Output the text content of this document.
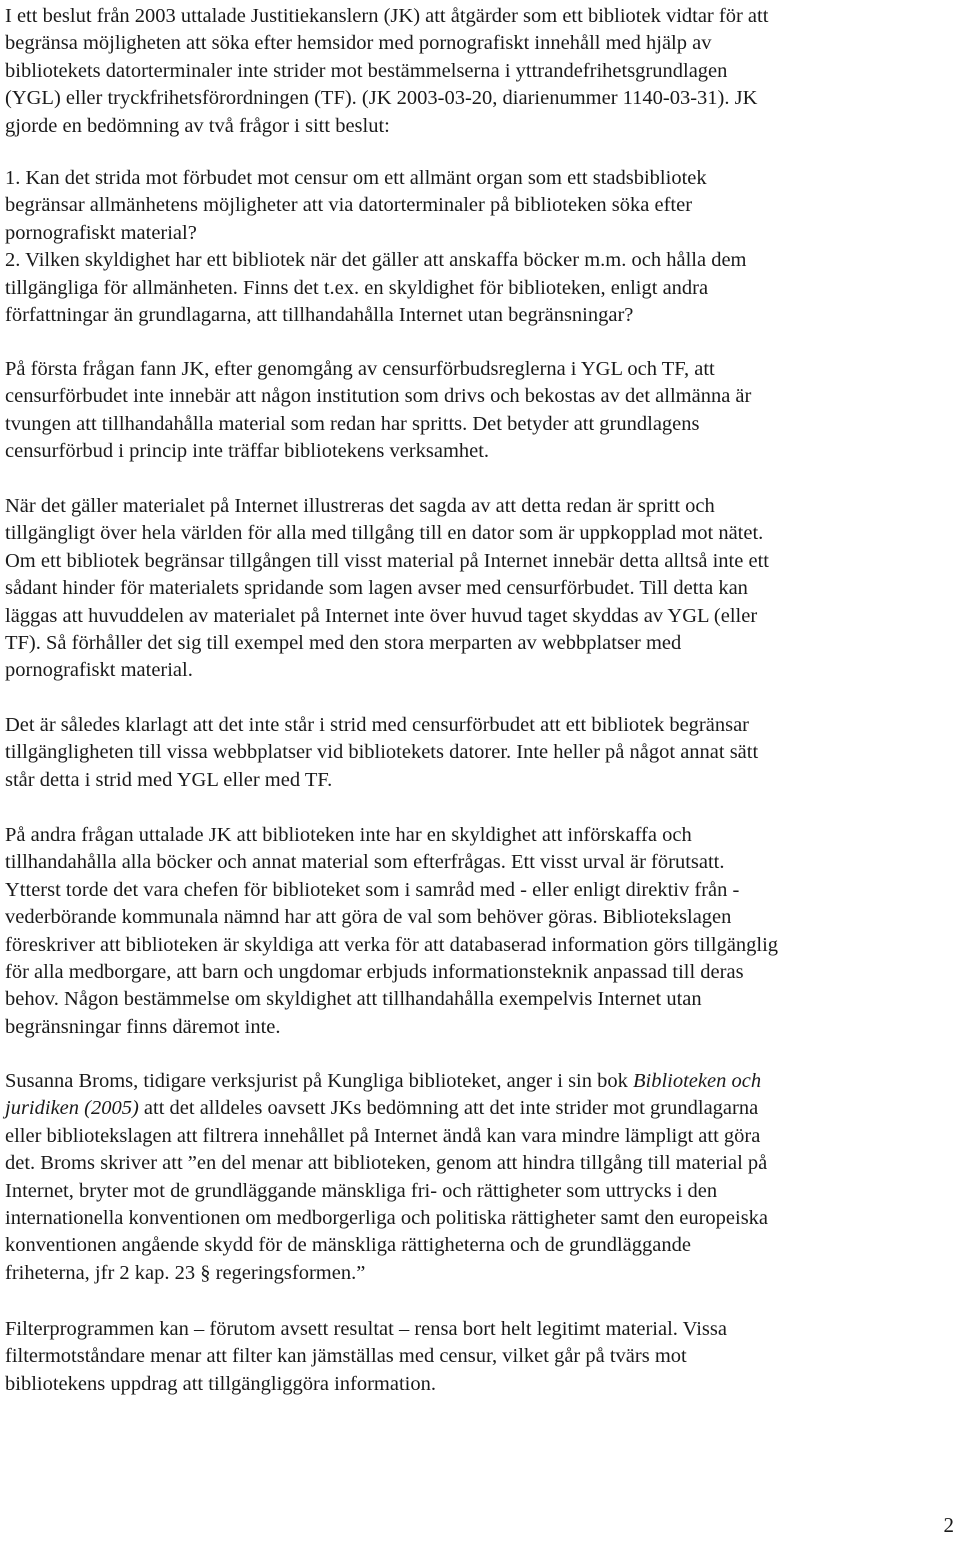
I ett beslut från 2003 uttalade Justitiekanslern (JK) att åtgärder som ett bibliotek vidtar för att
begränsa möjligheten att söka efter hemsidor med pornografiskt innehåll med hjälp av
bibliotekets datorterminaler inte strider mot bestämmelserna i yttrandefrihetsgrundlagen
(YGL) eller tryckfrihetsförordningen (TF). (JK 2003-03-20, diarienummer 1140-03-31). JK
gjorde en bedömning av två frågor i sitt beslut:

1. Kan det strida mot förbudet mot censur om ett allmänt organ som ett stadsbibliotek
begränsar allmänhetens möjligheter att via datorterminaler på biblioteken söka efter
pornografiskt material?
2. Vilken skyldighet har ett bibliotek när det gäller att anskaffa böcker m.m. och hålla dem
tillgängliga för allmänheten. Finns det t.ex. en skyldighet för biblioteken, enligt andra
författningar än grundlagarna, att tillhandahålla Internet utan begränsningar?

På första frågan fann JK, efter genomgång av censurförbudsreglerna i YGL och TF, att
censurförbudet inte innebär att någon institution som drivs och bekostas av det allmänna är
tvungen att tillhandahålla material som redan har spritts. Det betyder att grundlagens
censurförbud i princip inte träffar bibliotekens verksamhet.

När det gäller materialet på Internet illustreras det sagda av att detta redan är spritt och
tillgängligt över hela världen för alla med tillgång till en dator som är uppkopplad mot nätet.
Om ett bibliotek begränsar tillgången till visst material på Internet innebär detta alltså inte ett
sådant hinder för materialets spridande som lagen avser med censurförbudet. Till detta kan
läggas att huvuddelen av materialet på Internet inte över huvud taget skyddas av YGL (eller
TF). Så förhåller det sig till exempel med den stora merparten av webbplatser med
pornografiskt material.

Det är således klarlagt att det inte står i strid med censurförbudet att ett bibliotek begränsar
tillgängligheten till vissa webbplatser vid bibliotekets datorer. Inte heller på något annat sätt
står detta i strid med YGL eller med TF.

På andra frågan uttalade JK att biblioteken inte har en skyldighet att införskaffa och
tillhandahålla alla böcker och annat material som efterfrågas. Ett visst urval är förutsatt.
Ytterst torde det vara chefen för biblioteket som i samråd med - eller enligt direktiv från -
vederbörande kommunala nämnd har att göra de val som behöver göras. Bibliotekslagen
föreskriver att biblioteken är skyldiga att verka för att databaserad information görs tillgänglig
för alla medborgare, att barn och ungdomar erbjuds informationsteknik anpassad till deras
behov. Någon bestämmelse om skyldighet att tillhandahålla exempelvis Internet utan
begränsningar finns däremot inte.

Susanna Broms, tidigare verksjurist på Kungliga biblioteket, anger i sin bok Biblioteken och
juridiken (2005) att det alldeles oavsett JKs bedömning att det inte strider mot grundlagarna
eller bibliotekslagen att filtrera innehållet på Internet ändå kan vara mindre lämpligt att göra
det. Broms skriver att ”en del menar att biblioteken, genom att hindra tillgång till material på
Internet, bryter mot de grundläggande mänskliga fri- och rättigheter som uttrycks i den
internationella konventionen om medborgerliga och politiska rättigheter samt den europeiska
konventionen angående skydd för de mänskliga rättigheterna och de grundläggande
friheterna, jfr 2 kap. 23 § regeringsformen.”

Filterprogrammen kan – förutom avsett resultat – rensa bort helt legitimt material. Vissa
filtermotståndare menar att filter kan jämställas med censur, vilket går på tvärs mot
bibliotekens uppdrag att tillgängliggöra information.

2
